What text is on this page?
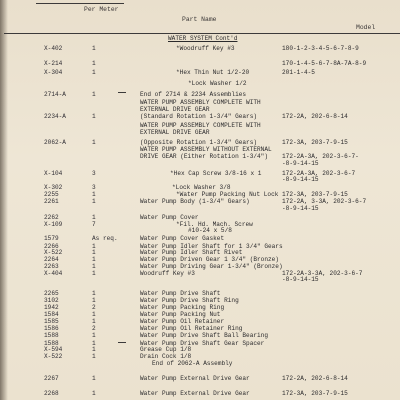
Per Meter
Part Name
Model
WATER SYSTEM Cont'd
X-402	1	*Woodruff Key #3	180-1-2-3-4-5-6-7-8-9
X-214	1	170-1-4-5-6-7-8A-7A-8-9
X-304	1	*Hex Thin Nut 1/2-20	201-1-4-5
*Lock Washer 1/2
2714-A	1	End of 2714 & 2234 Assemblies
WATER PUMP ASSEMBLY COMPLETE WITH
EXTERNAL DRIVE GEAR
2234-A	1	(Standard Rotation 1-3/4" Gears)	172-2A, 202-6-8-14
WATER PUMP ASSEMBLY COMPLETE WITH
EXTERNAL DRIVE GEAR
2062-A	1	(Opposite Rotation 1-3/4" Gears)	172-3A, 203-7-9-15
WATER PUMP ASSEMBLY WITHOUT EXTERNAL
DRIVE GEAR (Either Rotation 1-3/4") 172-2A-3A, 202-3-6-7-
-8-9-14-15
X-104	3	*Hex Cap Screw 3/8-16 x 1	172-2A-3A, 202-3-6-7
-8-9-14-15
X-302	3	*Lock Washer 3/8
2255	1	*Water Pump Packing Nut Lock 172-3A, 203-7-9-15
2261	1	Water Pump Body (1-3/4" Gears)	172-2A, 3-3A, 202-3-6-7
-8-9-14-15
2262	1	Water Pump Cover
X-109	7	*Fil. Hd. Mach. Screw
#10-24 x 5/8
1579	As req.	Water Pump Cover Gasket
2266	1	Water Pump Idler Shaft for 1 3/4" Gears
X-522	1	Water Pump Idler Shaft Rivet
2264	1	Water Pump Driven Gear 1 3/4" (Bronze)
2263	1	Water Pump Driving Gear 1-3/4" (Bronze)
X-404	1	Woodruff Key #3	172-2A-3-3A, 202-3-6-7
-8-9-14-15
2265	1	Water Pump Drive Shaft
3102	1	Water Pump Drive Shaft Ring
1942	2	Water Pump Packing Ring
1584	1	Water Pump Packing Nut
1585	1	Water Pump Oil Retainer
1586	2	Water Pump Oil Retainer Ring
1588	1	Water Pump Drive Shaft Ball Bearing
1588	1	Water Pump Drive Shaft Gear Spacer
X-594	1	Grease Cup 1/8
X-522	1	Drain Cock 1/8
End of 2062-A Assembly
2267	1	Water Pump External Drive Gear	172-2A, 202-6-8-14
2268	1	Water Pump External Drive Gear	172-3A, 203-7-9-15
